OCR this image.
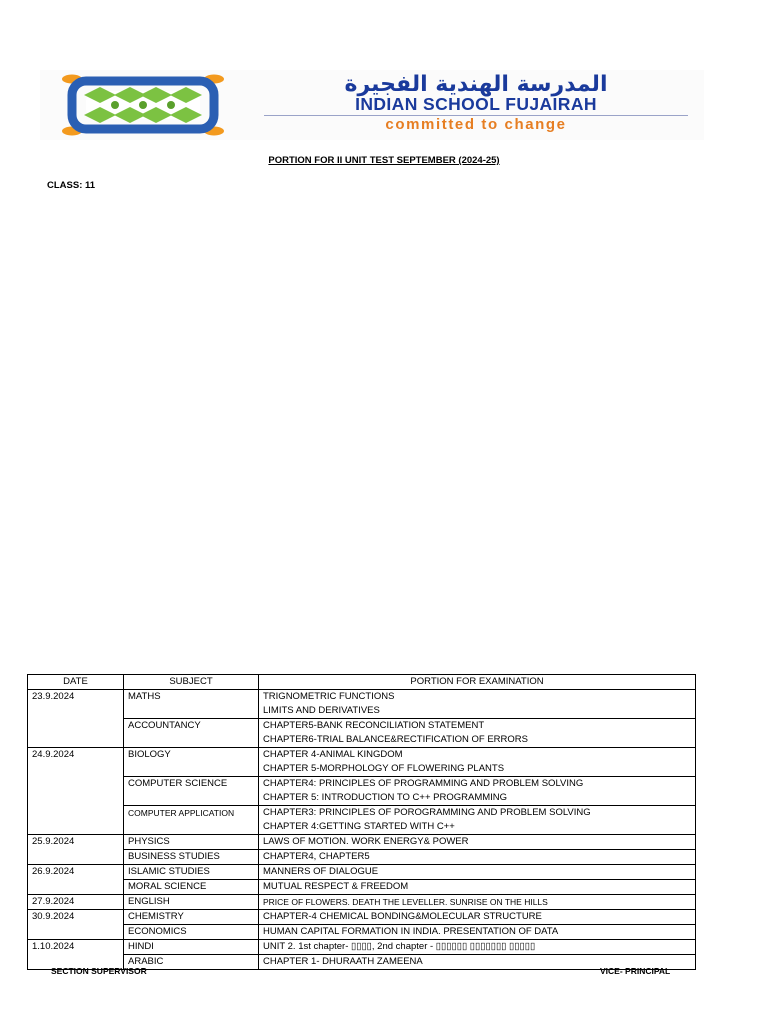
المدرسة الهندية الفجيرة
INDIAN SCHOOL FUJAIRAH
committed to change
PORTION FOR II UNIT TEST SEPTEMBER (2024-25)
CLASS: 11
DATE	SUBJECT	PORTION FOR EXAMINATION
23.9.2024	MATHS	TRIGNOMETRIC FUNCTIONS
LIMITS AND DERIVATIVES

	ACCOUNTANCY	CHAPTER5-BANK RECONCILIATION STATEMENT
CHAPTER6-TRIAL BALANCE&RECTIFICATION OF ERRORS

24.9.2024	BIOLOGY	CHAPTER 4-ANIMAL KINGDOM
CHAPTER 5-MORPHOLOGY OF FLOWERING PLANTS

	COMPUTER SCIENCE	CHAPTER4: PRINCIPLES OF PROGRAMMING AND PROBLEM SOLVING
CHAPTER 5: INTRODUCTION TO C++ PROGRAMMING

	COMPUTER APPLICATION	CHAPTER3: PRINCIPLES OF POROGRAMMING AND PROBLEM SOLVING
CHAPTER 4:GETTING STARTED WITH C++

25.9.2024	PHYSICS	LAWS OF MOTION. WORK ENERGY& POWER

	BUSINESS STUDIES	CHAPTER4, CHAPTER5

26.9.2024	ISLAMIC STUDIES	MANNERS OF DIALOGUE

	MORAL SCIENCE	MUTUAL RESPECT & FREEDOM

27.9.2024	ENGLISH	PRICE OF FLOWERS. DEATH THE LEVELLER. SUNRISE ON THE HILLS

30.9.2024	CHEMISTRY	CHAPTER-4 CHEMICAL BONDING&MOLECULAR STRUCTURE

	ECONOMICS	HUMAN CAPITAL FORMATION IN INDIA. PRESENTATION OF DATA

1.10.2024	HINDI	UNIT 2. 1st chapter- ▯▯▯▯, 2nd chapter - ▯▯▯▯▯▯ ▯▯▯▯▯▯▯ ▯▯▯▯▯

	ARABIC	CHAPTER 1- DHURAATH ZAMEENA
SECTION SUPERVISOR	VICE- PRINCIPAL
